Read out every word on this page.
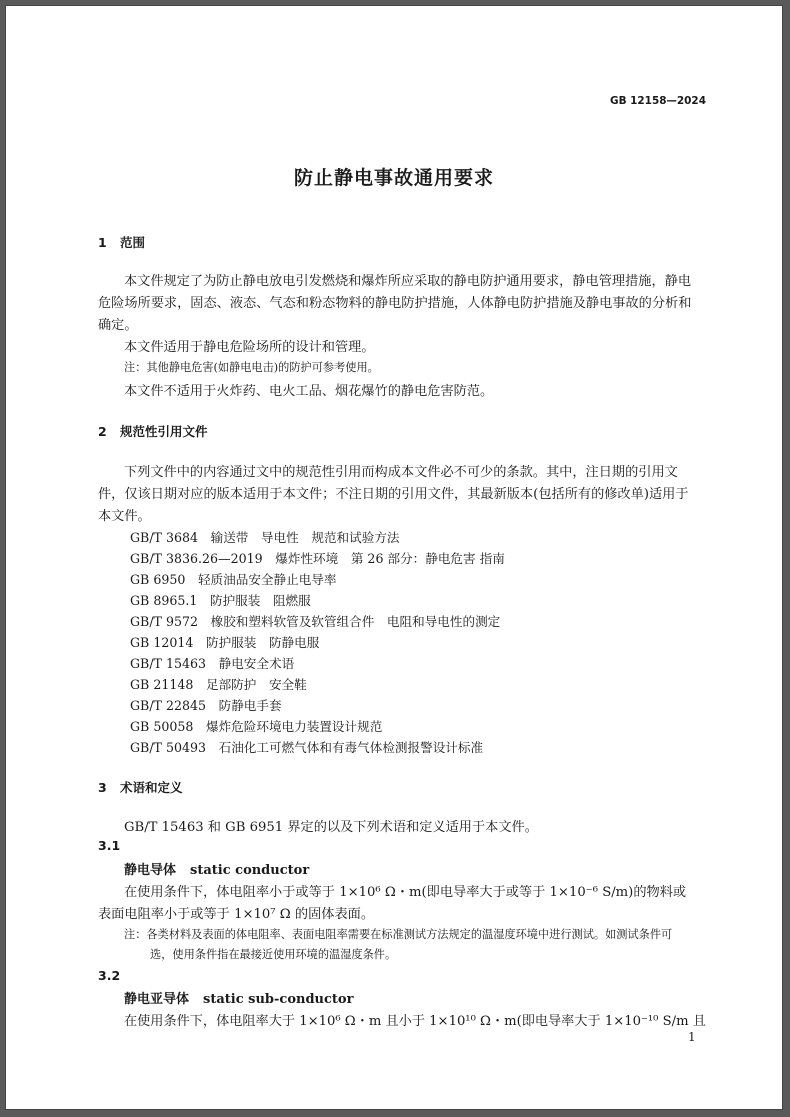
GB 12158—2024
防止静电事故通用要求
1 范围
本文件规定了为防止静电放电引发燃烧和爆炸所应采取的静电防护通用要求，静电管理措施，静电
危险场所要求，固态、液态、气态和粉态物料的静电防护措施，人体静电防护措施及静电事故的分析和
确定。
本文件适用于静电危险场所的设计和管理。
注：其他静电危害(如静电电击)的防护可参考使用。
本文件不适用于火炸药、电火工品、烟花爆竹的静电危害防范。
2 规范性引用文件
下列文件中的内容通过文中的规范性引用而构成本文件必不可少的条款。其中，注日期的引用文
件，仅该日期对应的版本适用于本文件；不注日期的引用文件，其最新版本(包括所有的修改单)适用于
本文件。
GB/T 3684　输送带　导电性　规范和试验方法
GB/T 3836.26—2019　爆炸性环境　第 26 部分：静电危害 指南
GB 6950　轻质油品安全静止电导率
GB 8965.1　防护服装　阻燃服
GB/T 9572　橡胶和塑料软管及软管组合件　电阻和导电性的测定
GB 12014　防护服装　防静电服
GB/T 15463　静电安全术语
GB 21148　足部防护　安全鞋
GB/T 22845　防静电手套
GB 50058　爆炸危险环境电力装置设计规范
GB/T 50493　石油化工可燃气体和有毒气体检测报警设计标准
3 术语和定义
GB/T 15463 和 GB 6951 界定的以及下列术语和定义适用于本文件。
3.1
静电导体 static conductor
在使用条件下，体电阻率小于或等于 1×10⁶ Ω・m(即电导率大于或等于 1×10⁻⁶ S/m)的物料或
表面电阻率小于或等于 1×10⁷ Ω 的固体表面。
注：各类材料及表面的体电阻率、表面电阻率需要在标准测试方法规定的温湿度环境中进行测试。如测试条件可
选，使用条件指在最接近使用环境的温湿度条件。
3.2
静电亚导体 static sub-conductor
在使用条件下，体电阻率大于 1×10⁶ Ω・m 且小于 1×10¹⁰ Ω・m(即电导率大于 1×10⁻¹⁰ S/m 且
1
